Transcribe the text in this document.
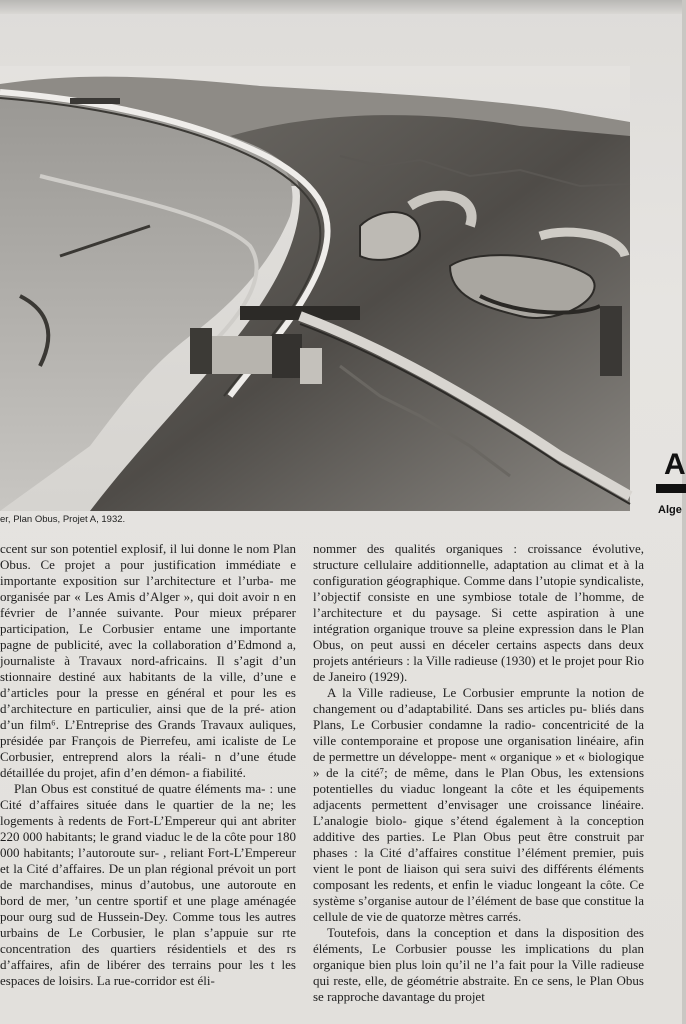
er, Plan Obus, Projet A, 1932.
A
Alge

ccent sur son potentiel explosif, il lui donne le nom Plan Obus. Ce projet a pour justification immédiate e importante exposition sur l’architecture et l’urba- me organisée par « Les Amis d’Alger », qui doit avoir n en février de l’année suivante. Pour mieux préparer participation, Le Corbusier entame une importante pagne de publicité, avec la collaboration d’Edmond a, journaliste à Travaux nord-africains. Il s’agit d’un stionnaire destiné aux habitants de la ville, d’une e d’articles pour la presse en général et pour les es d’architecture en particulier, ainsi que de la pré- ation d’un film⁶. L’Entreprise des Grands Travaux auliques, présidée par François de Pierrefeu, ami icaliste de Le Corbusier, entreprend alors la réali- n d’une étude détaillée du projet, afin d’en démon- a fiabilité.

Plan Obus est constitué de quatre éléments ma- : une Cité d’affaires située dans le quartier de la ne; les logements à redents de Fort-L’Empereur qui ant abriter 220 000 habitants; le grand viaduc le de la côte pour 180 000 habitants; l’autoroute sur- , reliant Fort-L’Empereur et la Cité d’affaires. De un plan régional prévoit un port de marchandises, minus d’autobus, une autoroute en bord de mer, ’un centre sportif et une plage aménagée pour ourg sud de Hussein-Dey. Comme tous les autres urbains de Le Corbusier, le plan s’appuie sur rte concentration des quartiers résidentiels et des rs d’affaires, afin de libérer des terrains pour les t les espaces de loisirs. La rue-corridor est éli-

nommer des qualités organiques : croissance évolutive, structure cellulaire additionnelle, adaptation au climat et à la configuration géographique. Comme dans l’utopie syndicaliste, l’objectif consiste en une symbiose totale de l’homme, de l’architecture et du paysage. Si cette aspiration à une intégration organique trouve sa pleine expression dans le Plan Obus, on peut aussi en déceler certains aspects dans deux projets antérieurs : la Ville radieuse (1930) et le projet pour Rio de Janeiro (1929).

A la Ville radieuse, Le Corbusier emprunte la notion de changement ou d’adaptabilité. Dans ses articles pu- bliés dans Plans, Le Corbusier condamne la radio- concentricité de la ville contemporaine et propose une organisation linéaire, afin de permettre un développe- ment « organique » et « biologique » de la cité⁷; de même, dans le Plan Obus, les extensions potentielles du viaduc longeant la côte et les équipements adjacents permettent d’envisager une croissance linéaire. L’analogie biolo- gique s’étend également à la conception additive des parties. Le Plan Obus peut être construit par phases : la Cité d’affaires constitue l’élément premier, puis vient le pont de liaison qui sera suivi des différents éléments composant les redents, et enfin le viaduc longeant la côte. Ce système s’organise autour de l’élément de base que constitue la cellule de vie de quatorze mètres carrés.

Toutefois, dans la conception et dans la disposition des éléments, Le Corbusier pousse les implications du plan organique bien plus loin qu’il ne l’a fait pour la Ville radieuse qui reste, elle, de géométrie abstraite. En ce sens, le Plan Obus se rapproche davantage du projet
